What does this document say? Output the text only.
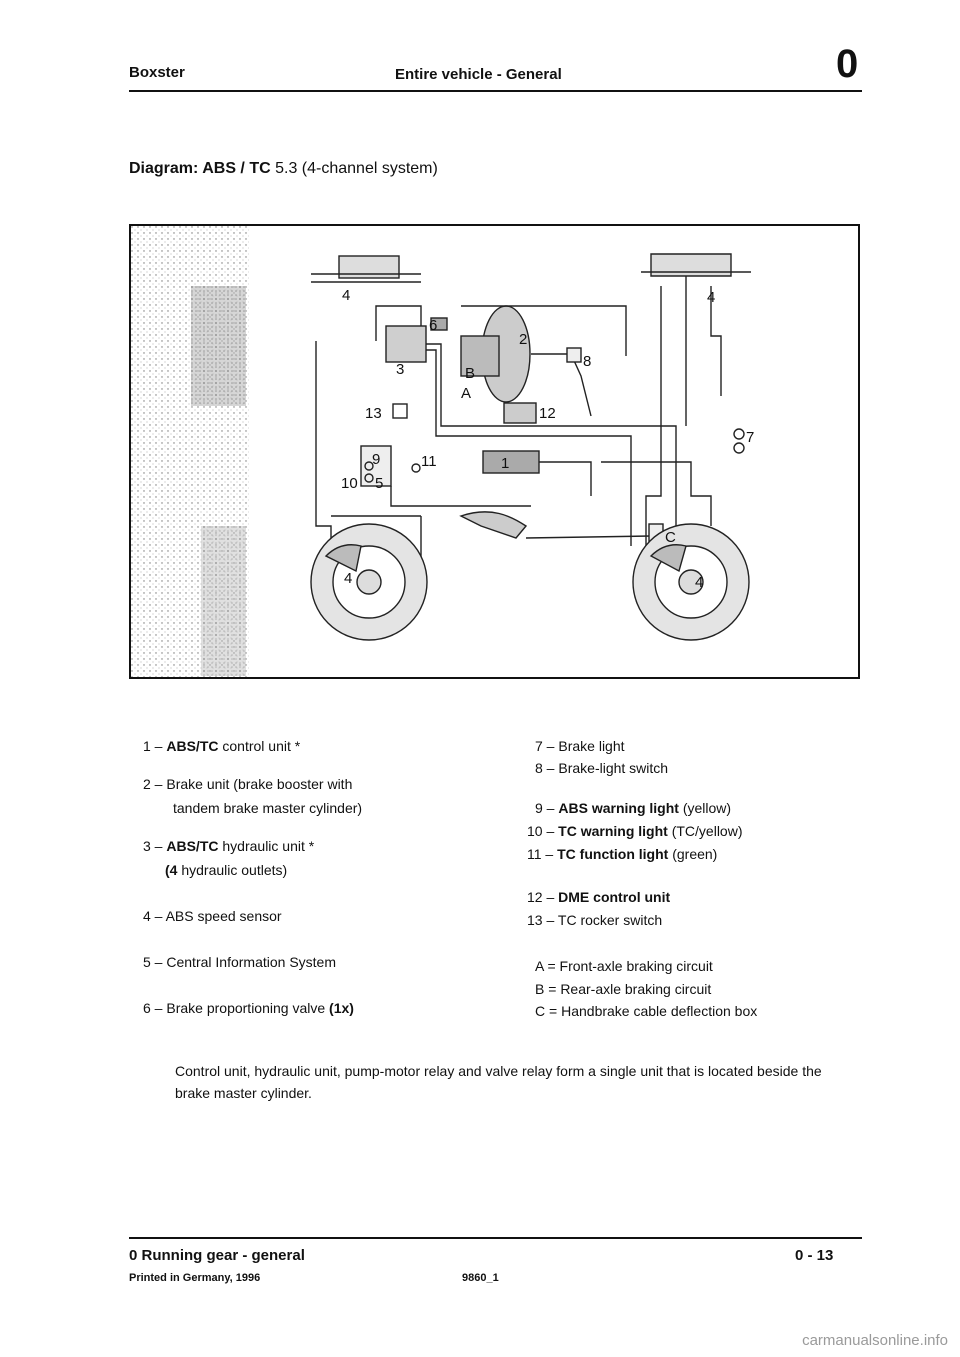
Boxster	Entire vehicle - General	0
Diagram: ABS / TC 5.3 (4-channel system)
4
6
3
2
8
B
A
12
13
9	11	1
10 5
7
C
4
4	4
1 – ABS/TC control unit *
2 – Brake unit (brake booster with
tandem brake master cylinder)
3 – ABS/TC hydraulic unit *
(4 hydraulic outlets)
4 – ABS speed sensor
5 – Central Information System
6 – Brake proportioning valve (1x)
7 – Brake light
8 – Brake-light switch
9 – ABS warning light (yellow)
10 – TC warning light (TC/yellow)
11 – TC function light (green)
12 – DME control unit
13 – TC rocker switch
A = Front-axle braking circuit
B = Rear-axle braking circuit
C = Handbrake cable deflection box
Control unit, hydraulic unit, pump-motor relay and valve relay form a single unit that is located beside the brake master cylinder.
0 Running gear - general	0 - 13
Printed in Germany, 1996	9860_1
carmanualsonline.info
